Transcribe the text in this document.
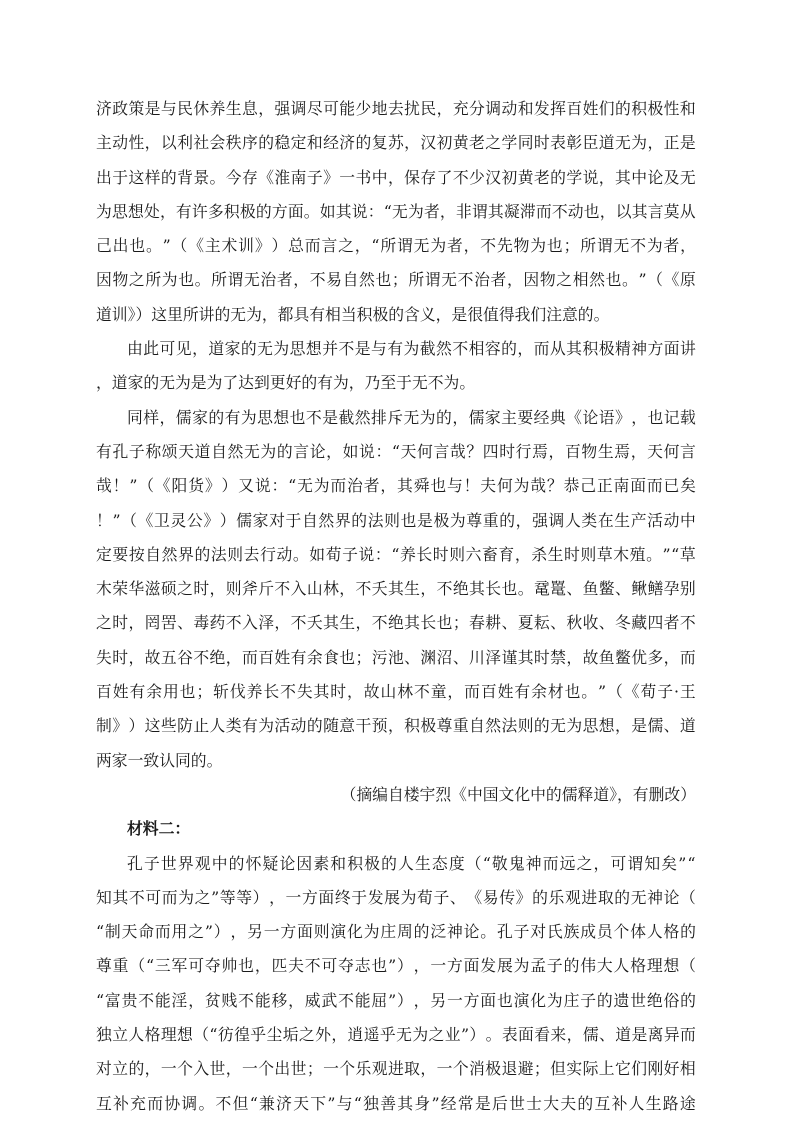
济 政 策 是 与 民 休 养 生 息 ， 强 调 尽 可 能 少 地 去 扰 民 ， 充 分 调 动 和 发 挥 百 姓 们 的 积 极 性 和
主 动 性 ， 以 利 社 会 秩 序 的 稳 定 和 经 济 的 复 苏 ， 汉 初 黄 老 之 学 同 时 表 彰 臣 道 无 为 ， 正 是
出 于 这 样 的 背 景 。 今 存 《 淮 南 子 》 一 书 中 ， 保 存 了 不 少 汉 初 黄 老 的 学 说 ， 其 中 论 及 无
为 思 想 处 ， 有 许 多 积 极 的 方 面 。 如 其 说 ： “ 无 为 者 ， 非 谓 其 凝 滞 而 不 动 也 ， 以 其 言 莫 从
己 出 也 。 ” （ 《 主 术 训 》 ） 总 而 言 之 ， “ 所 谓 无 为 者 ， 不 先 物 为 也 ； 所 谓 无 不 为 者 ，
因 物 之 所 为 也 。 所 谓 无 治 者 ， 不 易 自 然 也 ； 所 谓 无 不 治 者 ， 因 物 之 相 然 也 。 ” （ 《 原
道训》）这里所讲的无为，都具有相当积极的含义，是很值得我们注意的。
由 此 可 见 ， 道 家 的 无 为 思 想 并 不 是 与 有 为 截 然 不 相 容 的 ， 而 从 其 积 极 精 神 方 面 讲
，道家的无为是为了达到更好的有为，乃至于无不为。
同 样 ， 儒 家 的 有 为 思 想 也 不 是 截 然 排 斥 无 为 的 ， 儒 家 主 要 经 典 《 论 语 》 ， 也 记 载
有 孔 子 称 颂 天 道 自 然 无 为 的 言 论 ， 如 说 ： “ 天 何 言 哉 ？ 四 时 行 焉 ， 百 物 生 焉 ， 天 何 言
哉 ！ ” （ 《 阳 货 》 ） 又 说 ： “ 无 为 而 治 者 ， 其 舜 也 与 ！ 夫 何 为 哉 ？ 恭 己 正 南 面 而 已 矣
！ ” （ 《 卫 灵 公 》 ） 儒 家 对 于 自 然 界 的 法 则 也 是 极 为 尊 重 的 ， 强 调 人 类 在 生 产 活 动 中
定 要 按 自 然 界 的 法 则 去 行 动 。 如 荀 子 说 ： “ 养 长 时 则 六 畜 育 ， 杀 生 时 则 草 木 殖 。 ” “ 草
木 荣 华 滋 硕 之 时 ， 则 斧 斤 不 入 山 林 ， 不 夭 其 生 ， 不 绝 其 长 也 。 鼋 鼍 、 鱼 鳖 、 鳅 鳝 孕 别
之 时 ， 罔 罟 、 毒 药 不 入 泽 ， 不 夭 其 生 ， 不 绝 其 长 也 ； 春 耕 、 夏 耘 、 秋 收 、 冬 藏 四 者 不
失 时 ， 故 五 谷 不 绝 ， 而 百 姓 有 余 食 也 ； 污 池 、 渊 沼 、 川 泽 谨 其 时 禁 ， 故 鱼 鳖 优 多 ， 而
百 姓 有 余 用 也 ； 斩 伐 养 长 不 失 其 时 ， 故 山 林 不 童 ， 而 百 姓 有 余 材 也 。 ” （ 《 荀 子 · 王
制 》 ） 这 些 防 止 人 类 有 为 活 动 的 随 意 干 预 ， 积 极 尊 重 自 然 法 则 的 无 为 思 想 ， 是 儒 、 道
两家一致认同的。
（摘编自楼宇烈《中国文化中的儒释道》，有删改）
材料二：
孔 子 世 界 观 中 的 怀 疑 论 因 素 和 积 极 的 人 生 态 度 （ “ 敬 鬼 神 而 远 之 ， 可 谓 知 矣 ” “
知 其 不 可 而 为 之 ” 等 等 ） ， 一 方 面 终 于 发 展 为 荀 子 、 《 易 传 》 的 乐 观 进 取 的 无 神 论 （
“ 制 天 命 而 用 之 ” ） ， 另 一 方 面 则 演 化 为 庄 周 的 泛 神 论 。 孔 子 对 氏 族 成 员 个 体 人 格 的
尊 重 （ “ 三 军 可 夺 帅 也 ， 匹 夫 不 可 夺 志 也 ” ） ， 一 方 面 发 展 为 孟 子 的 伟 大 人 格 理 想 （
“ 富 贵 不 能 淫 ， 贫 贱 不 能 移 ， 威 武 不 能 屈 ” ） ， 另 一 方 面 也 演 化 为 庄 子 的 遗 世 绝 俗 的
独 立 人 格 理 想 （ “ 彷 徨 乎 尘 垢 之 外 ， 逍 遥 乎 无 为 之 业 ” ） 。 表 面 看 来 ， 儒 、 道 是 离 异 而
对 立 的 ， 一 个 入 世 ， 一 个 出 世 ； 一 个 乐 观 进 取 ， 一 个 消 极 退 避 ； 但 实 际 上 它 们 刚 好 相
互 补 充 而 协 调 。 不 但 “ 兼 济 天 下 ” 与 “ 独 善 其 身 ” 经 常 是 后 世 士 大 夫 的 互 补 人 生 路 途
